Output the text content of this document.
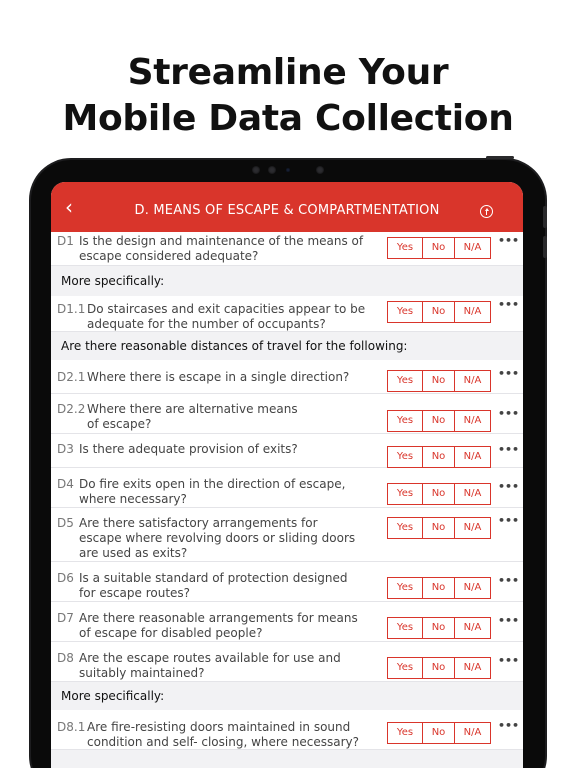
Streamline Your
Mobile Data Collection
‹	D. MEANS OF ESCAPE & COMPARTMENTATION
D1 Is the design and maintenance of the means of
escape considered adequate?
Yes	No	N/A
•••
More specifically:
D1.1 Do staircases and exit capacities appear to be
adequate for the number of occupants?
Yes	No	N/A
•••
Are there reasonable distances of travel for the following:
D2.1 Where there is escape in a single direction?	Yes	No	N/A
•••
D2.2 Where there are alternative means
of escape?	Yes	No	N/A
•••
D3 Is there adequate provision of exits?
Yes	No	N/A
•••
D4 Do fire exits open in the direction of escape,
where necessary?	Yes	No	N/A
•••
D5 Are there satisfactory arrangements for
escape where revolving doors or sliding doors
are used as exits?
Yes	No	N/A
•••
D6 Is a suitable standard of protection designed
for escape routes?	Yes	No	N/A
•••
D7 Are there reasonable arrangements for means
of escape for disabled people?	Yes	No	N/A
•••
D8 Are the escape routes available for use and
suitably maintained?	Yes	No	N/A
•••
More specifically:
D8.1 Are fire-resisting doors maintained in sound
condition and self- closing, where necessary?
Yes	No	N/A
•••
